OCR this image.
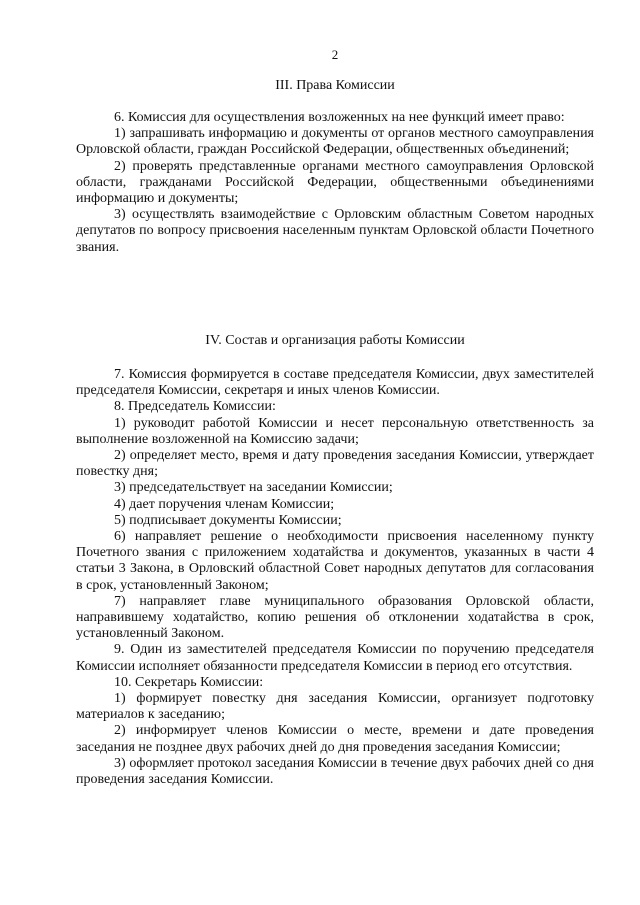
2
III. Права Комиссии

6. Комиссия для осуществления возложенных на нее функций имеет право:

1) запрашивать информацию и документы от органов местного самоуправления Орловской области, граждан Российской Федерации, общественных объединений;

2) проверять представленные органами местного самоуправления Орловской области, гражданами Российской Федерации, общественными объединениями информацию и документы;

3) осуществлять взаимодействие с Орловским областным Советом народных депутатов по вопросу присвоения населенным пунктам Орловской области Почетного звания.

IV. Состав и организация работы Комиссии

7. Комиссия формируется в составе председателя Комиссии, двух заместителей председателя Комиссии, секретаря и иных членов Комиссии.

8. Председатель Комиссии:

1) руководит работой Комиссии и несет персональную ответственность за выполнение возложенной на Комиссию задачи;

2) определяет место, время и дату проведения заседания Комиссии, утверждает повестку дня;

3) председательствует на заседании Комиссии;

4) дает поручения членам Комиссии;

5) подписывает документы Комиссии;

6) направляет решение о необходимости присвоения населенному пункту Почетного звания с приложением ходатайства и документов, указанных в части 4 статьи 3 Закона, в Орловский областной Совет народных депутатов для согласования в срок, установленный Законом;

7) направляет главе муниципального образования Орловской области, направившему ходатайство, копию решения об отклонении ходатайства в срок, установленный Законом.

9. Один из заместителей председателя Комиссии по поручению председателя Комиссии исполняет обязанности председателя Комиссии в период его отсутствия.

10. Секретарь Комиссии:

1) формирует повестку дня заседания Комиссии, организует подготовку материалов к заседанию;

2) информирует членов Комиссии о месте, времени и дате проведения заседания не позднее двух рабочих дней до дня проведения заседания Комиссии;

3) оформляет протокол заседания Комиссии в течение двух рабочих дней со дня проведения заседания Комиссии.
